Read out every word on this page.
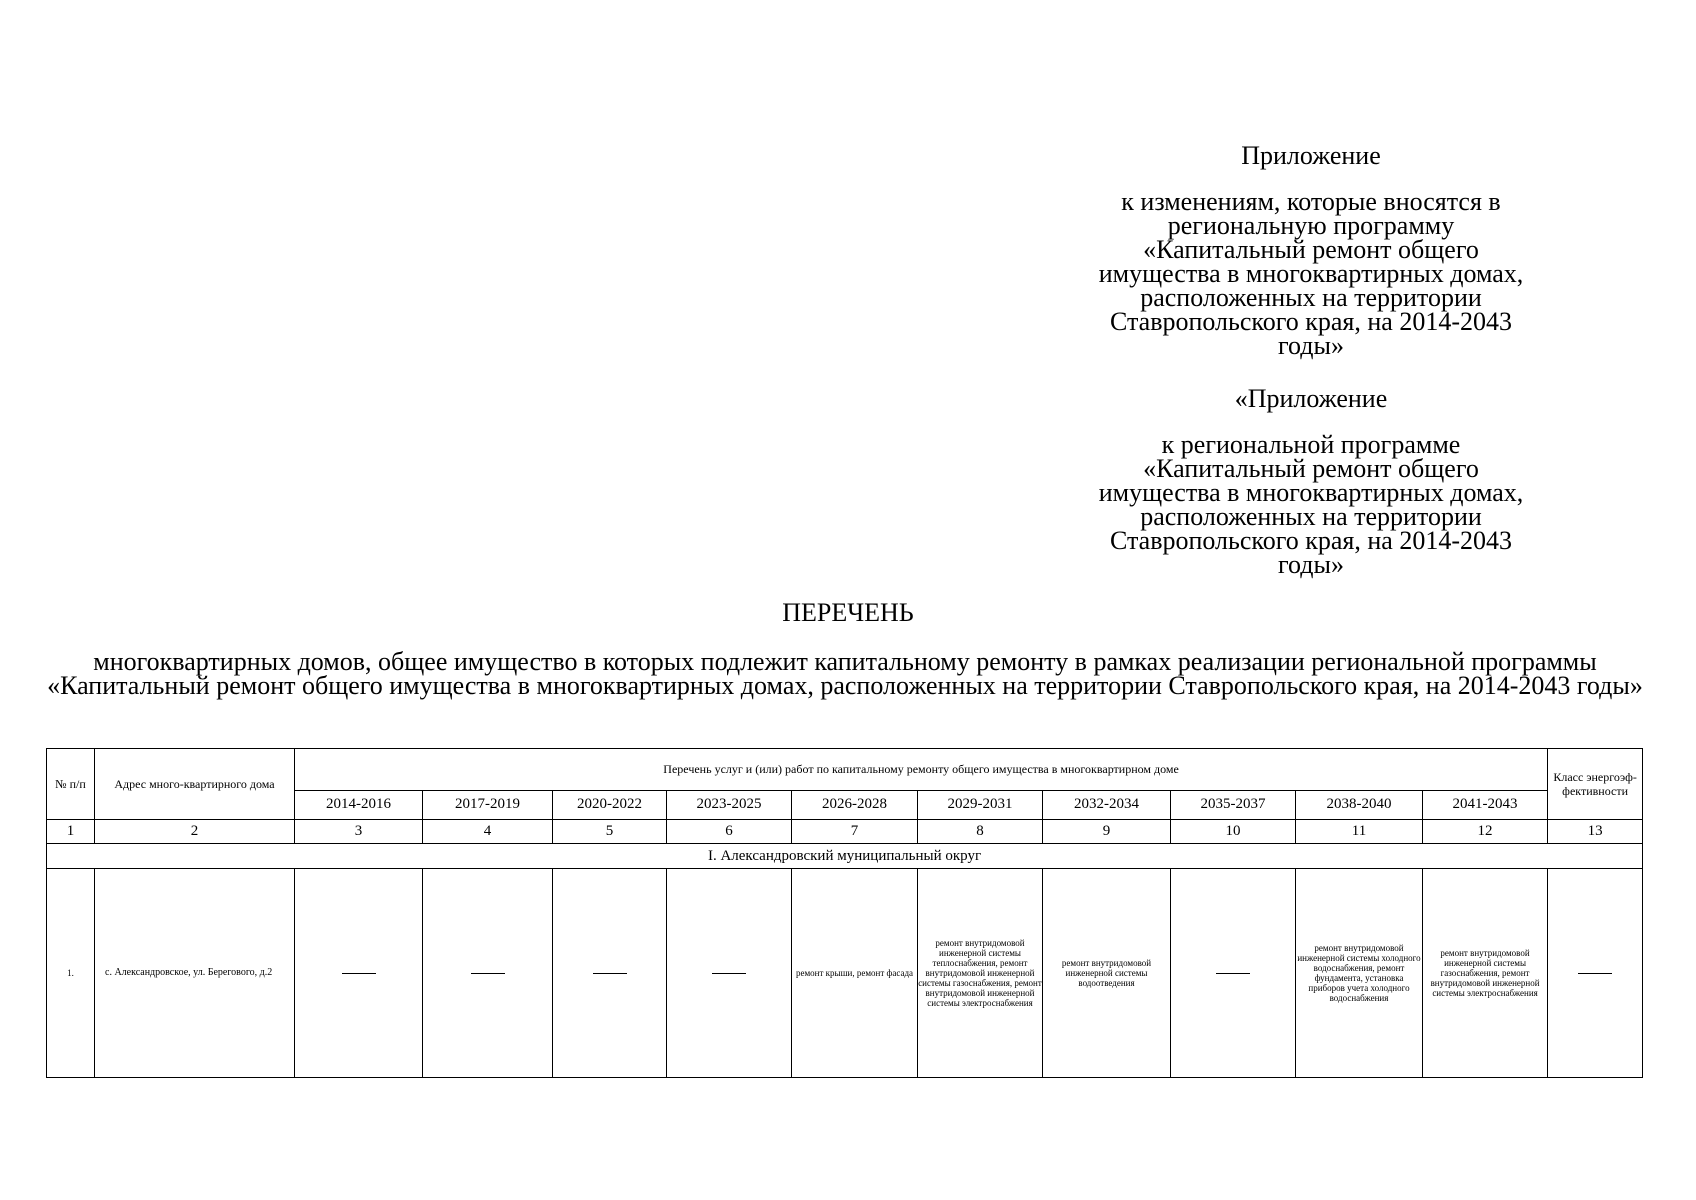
Приложение
к изменениям, которые вносятся в региональную программу «Капитальный ремонт общего имущества в многоквартирных домах, расположенных на территории Ставропольского края, на 2014-2043 годы»
«Приложение
к региональной программе «Капитальный ремонт общего имущества в многоквартирных домах, расположенных на территории Ставропольского края, на 2014-2043 годы»
ПЕРЕЧЕНЬ
многоквартирных домов, общее имущество в которых подлежит капитальному ремонту в рамках реализации региональной программы «Капитальный ремонт общего имущества в многоквартирных домах, расположенных на территории Ставропольского края, на 2014-2043 годы»
№ п/п	Адрес много-квартирного дома	Перечень услуг и (или) работ по капитальному ремонту общего имущества в многоквартирном доме										Класс энергоэф-фективности
		2014-2016	2017-2019	2020-2022	2023-2025	2026-2028	2029-2031	2032-2034	2035-2037	2038-2040	2041-2043	
1	2	3	4	5	6	7	8	9	10	11	12	13
I. Александровский муниципальный округ												
1.	с. Александровское, ул. Берегового, д.2					ремонт крыши, ремонт фасада	ремонт внутридомовой инженерной системы теплоснабжения, ремонт внутридомовой инженерной системы газоснабжения, ремонт внутридомовой инженерной системы электроснабжения	ремонт внутридомовой инженерной системы водоотведения		ремонт внутридомовой инженерной системы холодного водоснабжения, ремонт фундамента, установка приборов учета холодного водоснабжения	ремонт внутридомовой инженерной системы газоснабжения, ремонт внутридомовой инженерной системы электроснабжения	
